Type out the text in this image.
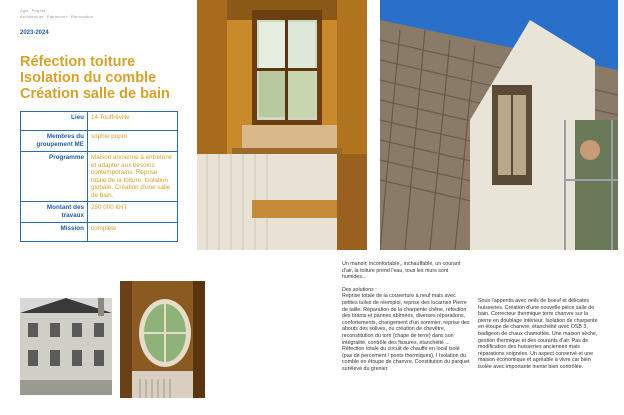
Agis Projets
Architecture Patrimoine Rénovation
2023-2024
Réfection toiture
Isolation du comble
Création salle de bain
Lieu	14 Touffréville
Membres du groupement ME	sophie popot
Programme	Maison ancienne à entretenir et adapter aux besoins contemporains. Reprise totale de la toiture, Isolation globale, Création d'une salle de bain.
Montant des travaux	250 000 €HT
Mission	complète

Un manoir, inconfortable,, inchauffable, un courant d'air, la toiture prend l'eau, tous les murs sont humides...

Des solutions :

Reprise totale de la couverture à neuf mais avec petites tuiles de réemploi, reprise des lucarnes Pierre de taille. Réparation de la charpente chêne, réfection des tirants et pannes abîmées, diverses réparations, confortements, changement d'un sommier, reprise des abouts des solives, ou création de chevêtre, reconstitution du torri (chape de terre) dans son intégralité, contrôle des fissures, étanchéité ... Réfection totale du circuit de chauffe en local isolé (pas de percement / ponts thermiques), I Isolation du comble en étoupe de chanvre, Constitution du parquet surélevé du grenier.

Sous l'appentis avec oeils de boeuf et délicates huisseries. Création d'une nouvelle pièce salle de bain. Correcteur thermique terre chanvre sur la pierre en doublage intérieur. Isolation de charpente en étoupe de chanvre, étanchéité avec OSB 3, badigeon de chaux chamottée. Une maison sèche, gestion thermique et des courants d'air. Pas de modification des huisseries anciennes mais réparations soignées. Un aspect conservé et une maison économique et agréable à vivre car bien isolée avec importante inertie bien contrôlée.
